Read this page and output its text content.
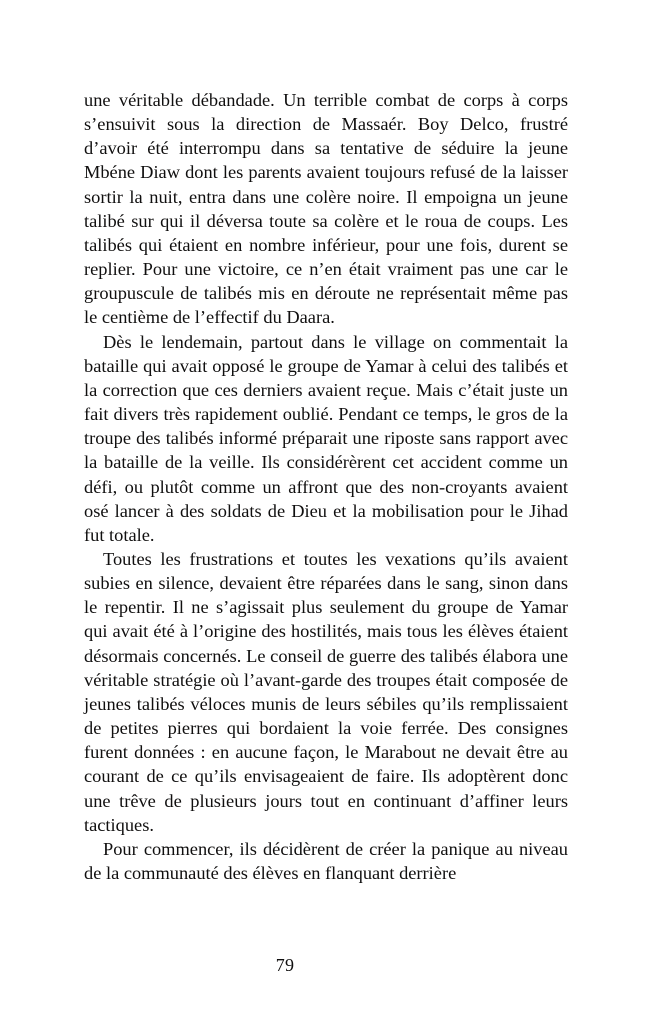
une véritable débandade. Un terrible combat de corps à corps s’ensuivit sous la direction de Massaér. Boy Delco, frustré d’avoir été interrompu dans sa tentative de séduire la jeune Mbéne Diaw dont les parents avaient toujours refusé de la laisser sortir la nuit, entra dans une colère noire. Il empoigna un jeune talibé sur qui il déversa toute sa colère et le roua de coups. Les talibés qui étaient en nombre inférieur, pour une fois, durent se replier. Pour une victoire, ce n’en était vraiment pas une car le groupuscule de talibés mis en déroute ne représentait même pas le centième de l’effectif du Daara.

Dès le lendemain, partout dans le village on commentait la bataille qui avait opposé le groupe de Yamar à celui des talibés et la correction que ces derniers avaient reçue. Mais c’était juste un fait divers très rapidement oublié. Pendant ce temps, le gros de la troupe des talibés informé préparait une riposte sans rapport avec la bataille de la veille. Ils considérèrent cet accident comme un défi, ou plutôt comme un affront que des non-croyants avaient osé lancer à des soldats de Dieu et la mobilisation pour le Jihad fut totale.

Toutes les frustrations et toutes les vexations qu’ils avaient subies en silence, devaient être réparées dans le sang, sinon dans le repentir. Il ne s’agissait plus seulement du groupe de Yamar qui avait été à l’origine des hostilités, mais tous les élèves étaient désormais concernés. Le conseil de guerre des talibés élabora une véritable stratégie où l’avant-garde des troupes était composée de jeunes talibés véloces munis de leurs sébiles qu’ils remplissaient de petites pierres qui bordaient la voie ferrée. Des consignes furent données : en aucune façon, le Marabout ne devait être au courant de ce qu’ils envisageaient de faire. Ils adoptèrent donc une trêve de plusieurs jours tout en continuant d’affiner leurs tactiques.

Pour commencer, ils décidèrent de créer la panique au niveau de la communauté des élèves en flanquant derrière

79
